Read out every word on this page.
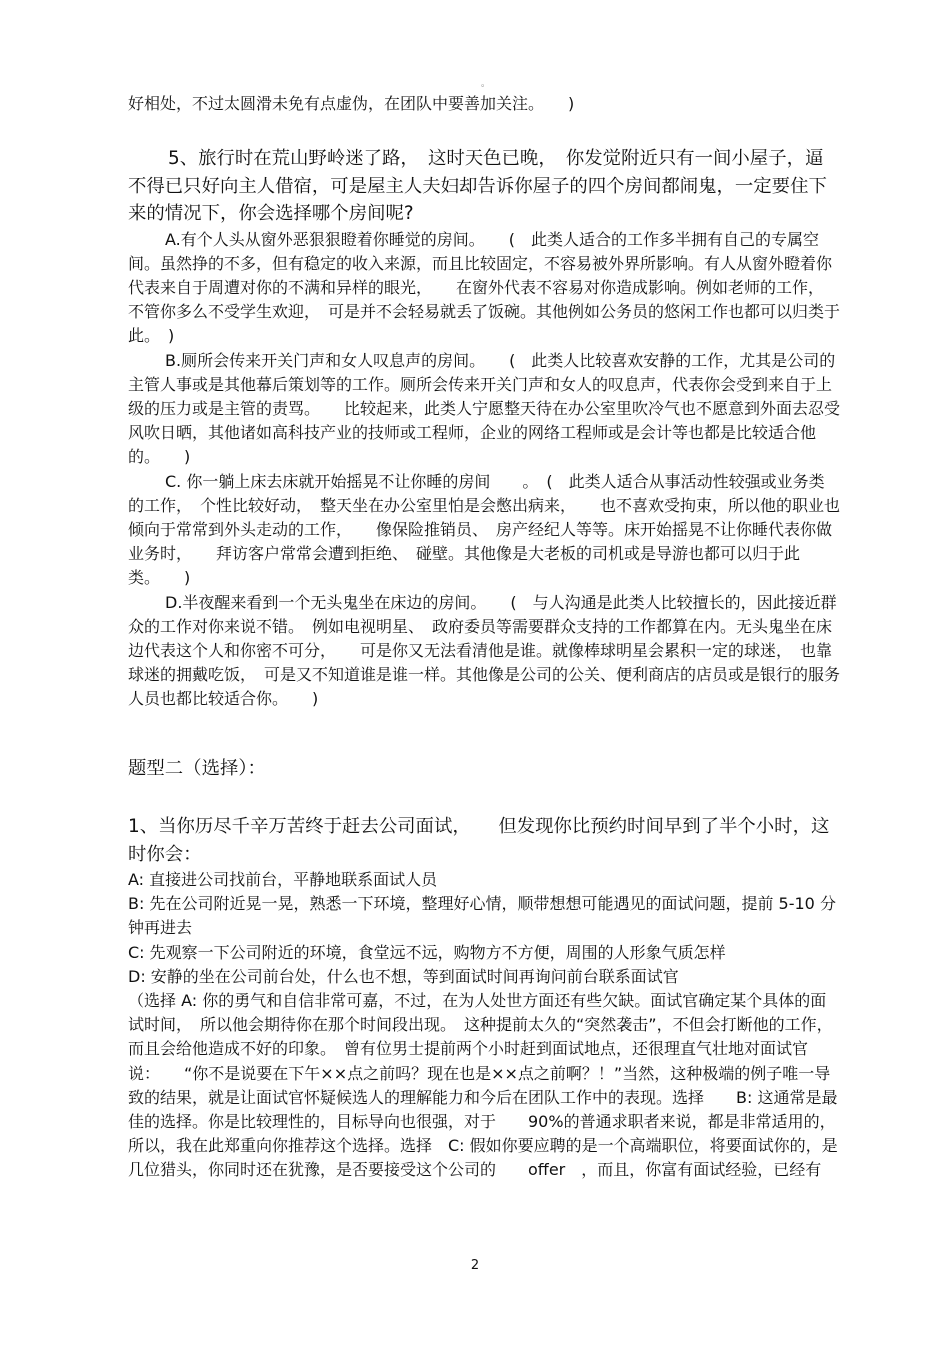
。
好相处，不过太圆滑未免有点虚伪，在团队中要善加关注。　　)

5、旅行时在荒山野岭迷了路，　这时天色已晚，　你发觉附近只有一间小屋子，逼不得已只好向主人借宿，可是屋主人夫妇却告诉你屋子的四个房间都闹鬼，一定要住下来的情况下，你会选择哪个房间呢?

A.有个人头从窗外恶狠狠瞪着你睡觉的房间。　　(　此类人适合的工作多半拥有自己的专属空间。虽然挣的不多，但有稳定的收入来源，而且比较固定，不容易被外界所影响。有人从窗外瞪着你代表来自于周遭对你的不满和异样的眼光，　　在窗外代表不容易对你造成影响。例如老师的工作，　不管你多么不受学生欢迎，　可是并不会轻易就丢了饭碗。其他例如公务员的悠闲工作也都可以归类于此。　)

B.厕所会传来开关门声和女人叹息声的房间。　　(　此类人比较喜欢安静的工作，尤其是公司的主管人事或是其他幕后策划等的工作。厕所会传来开关门声和女人的叹息声，代表你会受到来自于上级的压力或是主管的责骂。　　比较起来，此类人宁愿整天待在办公室里吹冷气也不愿意到外面去忍受风吹日晒，其他诸如高科技产业的技师或工程师，企业的网络工程师或是会计等也都是比较适合他的。　　)

C. 你一躺上床去床就开始摇晃不让你睡的房间　　。　(　此类人适合从事活动性较强或业务类的工作，　个性比较好动，　整天坐在办公室里怕是会憋出病来，　　也不喜欢受拘束，所以他的职业也倾向于常常到外头走动的工作，　　像保险推销员、　房产经纪人等等。床开始摇晃不让你睡代表你做业务时，　　拜访客户常常会遭到拒绝、　碰壁。其他像是大老板的司机或是导游也都可以归于此类。　　)

D.半夜醒来看到一个无头鬼坐在床边的房间。　　(　与人沟通是此类人比较擅长的，因此接近群众的工作对你来说不错。　例如电视明星、　政府委员等需要群众支持的工作都算在内。无头鬼坐在床边代表这个人和你密不可分，　　可是你又无法看清他是谁。就像棒球明星会累积一定的球迷，　也靠球迷的拥戴吃饭，　可是又不知道谁是谁一样。其他像是公司的公关、便利商店的店员或是银行的服务人员也都比较适合你。　　)

题型二（选择）：

1、当你历尽千辛万苦终于赶去公司面试，　　但发现你比预约时间早到了半个小时，这时你会：

A: 直接进公司找前台，平静地联系面试人员

B: 先在公司附近晃一晃，熟悉一下环境，整理好心情，顺带想想可能遇见的面试问题，提前 5-10 分钟再进去

C: 先观察一下公司附近的环境，食堂远不远，购物方不方便，周围的人形象气质怎样

D: 安静的坐在公司前台处，什么也不想，等到面试时间再询问前台联系面试官

（选择 A: 你的勇气和自信非常可嘉，不过，在为人处世方面还有些欠缺。面试官确定某个具体的面试时间，　所以他会期待你在那个时间段出现。　这种提前太久的“突然袭击”，不但会打断他的工作，　而且会给他造成不好的印象。　曾有位男士提前两个小时赶到面试地点，还很理直气壮地对面试官说：　　“你不是说要在下午××点之前吗？现在也是××点之前啊？！”当然，这种极端的例子唯一导致的结果，就是让面试官怀疑候选人的理解能力和今后在团队工作中的表现。选择　　B: 这通常是最佳的选择。你是比较理性的，目标导向也很强，对于　　90%的普通求职者来说，都是非常适用的，所以，我在此郑重向你推荐这个选择。选择　C: 假如你要应聘的是一个高端职位，将要面试你的，是几位猎头，你同时还在犹豫，是否要接受这个公司的　　offer　，而且，你富有面试经验，已经有

2
